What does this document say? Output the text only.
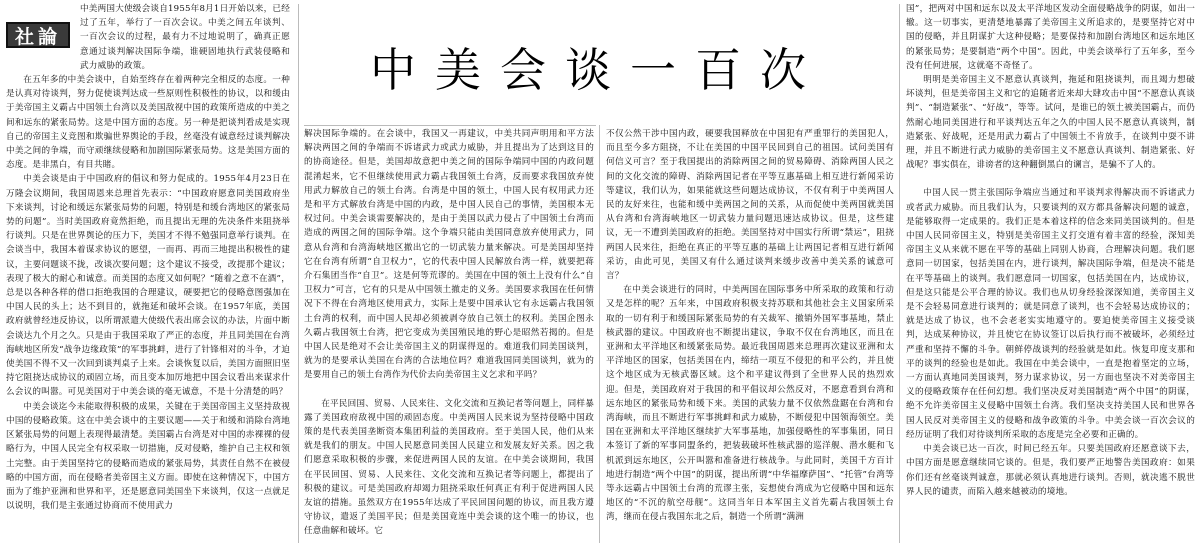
社論

中美两国大使级会谈自1955年8月1日开始以来，已经过了五年，举行了一百次会议。中美之间五年谈判、一百次会议的过程，最有力不过地说明了，确真正愿意通过谈判解决国际争端，谁硬固地执行武装侵略和武力威胁的政策。

在五年多的中美会谈中，自始至终存在着两种完全相反的态度。一种是认真对待谈判，努力促使谈判达成一些原则性积极性的协议，以和缓由于美帝国主义霸占中国领土台湾以及美国敌视中国的政策所造成的中美之间和远东的紧张局势。这是中国方面的态度。另一种是把谈判看成是实现自己的帝国主义竞图和欺骗世界舆论的手段，丝毫没有诚意经过谈判解决中美之间的争端，而守顽继续侵略和加剧国际紧张局势。这是美国方面的态度。是非黑白，有目共睹。

中美会谈是由于中国政府的倡议和努力促成的。1955年4月23日在万隆会议期间，我国周恩来总理首先表示：“中国政府愿意同美国政府坐下来谈判，讨论和缓远东紧张局势的问题，特别是和缓台湾地区的紧张局势的问题”。当时美国政府竟然拒绝，而且提出无理的先决条件来阻挠举行谈判。只是在世界舆论的压力下，美国才不得不勉强同意举行谈判。在会谈当中，我国本着谋求协议的愿望，一而再、再而三地提出积极性的建议，主要问题谈不拢，改谈次要问题；这个建议不接受，改提那个建议；表现了极大的耐心和诚意。而美国的态度又如何呢？“随着之意不在酒”，总是以各种各样的借口拒绝我国的合理建议，硬要把它的侵略意图强加在中国人民的头上；达不到目的，就拖延和破坏会谈。在1957年底，美国政府就曾经违反协议，以所谓派遣大使级代表出席会议的办法，片面中断会谈达九个月之久。只是由于我国采取了严正的态度，并且同美国在台湾海峡地区所发“战争边缘政策”的军事挑衅，进行了针锋相对的斗争，才迫使美国不得不又一次回到谈判桌子上来。会谈恢复以后，美国方面照旧坚持它阻挠达成协议的顽固立场，而且变本加厉地把中国会议看出来谋求什么会议的叫嚣。可见美国对于中美会谈的毫无诚意，不是十分清楚的吗？

中美会谈迄今未能取得积极的成果，关键在于美国帝国主义坚持敌视中国的侵略政策。这在中美会谈中的主要议题——关于和缓和消除台湾地区紧张局势的问题上表现得最清楚。美国霸占台湾是对中国的赤裸裸的侵略行为，中国人民完全有权采取一切措施，反对侵略，维护自己主权和领土完整。由于美国坚持它的侵略而造成的紧张局势，其责任自然不在被侵略的中国方面，而在侵略者美帝国主义方面。即使在这种情况下，中国方面为了维护亚洲和世界和平，还是愿意同美国坐下来谈判，仅这一点就足以说明，我们是主张通过协商而不使用武力

中美会谈一百次

解决国际争端的。在会谈中，我国又一再建议，中美共同声明用和平方法解决两国之间的争端而不诉诸武力或武力威胁，并且提出为了达到这目的的协商途径。但是，美国却故意把中美之间的国际争端同中国的内政问题混淆起来，它不但继续使用武力霸占我国领土台湾，反而要求我国放弃使用武力解放自己的领土台湾。台湾是中国的领土，中国人民有权用武力还是和平方式解放台湾是中国的内政，是中国人民自己的事情，美国根本无权过问。中美会谈需要解决的，是由于美国以武力侵占了中国领土台湾而造成的两国之间的国际争端。这个争端只能由美国同意放弃使用武力，同意从台湾和台湾海峡地区撤出它的一切武装力量来解决。可是美国却坚持它在台湾有所谓“自卫权力”，它的代表中国人民解放台湾一样，就要把蒋介石集团当作“自卫”。这是何等荒谬的。美国在中国的领土上没有什么“自卫权力”可言，它有的只是从中国领土撤走的义务。美国要求我国在任何情况下不得在台湾地区使用武力，实际上是要中国承认它有永远霸占我国领土台湾的权利，而中国人民却必须被剥夺放自己领土的权利。美国企图永久霸占我国领土台湾，把它变成为美国殖民地的野心是昭然若揭的。但是中国人民是绝对不会让美帝国主义的阴谋得逞的。难道我们同美国谈判，就为的是要承认美国在台湾的合法地位吗？难道我国同美国谈判，就为的是要用自己的领土台湾作为代价去向美帝国主义乞求和平吗？

在平民回国、贸易、人民来往、文化交流和互换记者等问题上，同样暴露了美国政府敌视中国的顽固态度。中美两国人民来说为坚持侵略中国政策的是代表美国垄断资本集团利益的美国政府。至于美国人民，他们从来就是我们的朋友。中国人民愿意同美国人民建立和发展友好关系。因之我们愿意采取积极的步骤，来促进两国人民的友谊。在中美会谈期间，我国在平民回国、贸易、人民来往、文化交流和互换记者等问题上，都提出了积极的建议。可是美国政府却竭力阻挠采取任何真正有利于促进两国人民友谊的措施。虽然双方在1955年达成了平民回国问题的协议，而且我方遵守协议，遣返了美国平民；但是美国竟连中美会谈的这个唯一的协议，也任意曲解和破坏。它

不仅公然干涉中国内政，硬要我国释放在中国犯有严重罪行的美国犯人，而且至今多方阻挠，不让在美国的中国平民回到自己的祖国。试问美国有何信义可言？至于我国提出的消除两国之间的贸易障碍、消除两国人民之间的文化交流的障碍、消除两国记者在平等互惠基础上相互进行新闻采访等建议，我们认为，如果能就这些问题达成协议，不仅有利于中美两国人民的友好来往，也能和缓中美两国之间的关系，从而促使中美两国就美国从台湾和台湾海峡地区一切武装力量问题迅速达成协议。但是，这些建议，无一不遭到美国政府的拒绝。美国坚持对中国实行所谓“禁运”，阻挠两国人民来往，拒绝在真正的平等互惠的基础上让两国记者相互进行新闻采访，由此可见，美国又有什么通过谈判来缓步改善中美关系的诚意可言？

在中美会谈进行的同时，中美两国在国际事务中所采取的政策和行动又是怎样的呢？五年来，中国政府积极支持苏联和其他社会主义国家所采取的一切有利于和缓国际紧张局势的有关裁军、撤销外国军事基地，禁止核武器的建议。中国政府也不断提出建议，争取不仅在台湾地区，而且在亚洲和太平洋地区和缓紧张局势。最近我国周恩来总理再次建议亚洲和太平洋地区的国家，包括美国在内，缔结一项互不侵犯的和平公约，并且使这个地区成为无核武器区域。这个和平建议得到了全世界人民的热烈欢迎。但是，美国政府对于我国的和平倡议却公然反对，不愿意看到台湾和远东地区的紧张局势和缓下来。美国的武装力量不仅依然盘踞在台湾和台湾海峡，而且不断进行军事挑衅和武力威胁，不断侵犯中国领海领空。美国在亚洲和太平洋地区继续扩大军事基地，加强侵略性的军事集团，同日本签订了新的军事同盟条约，把装载破坏性核武器的巡洋舰、潜水艇和飞机派到远东地区，公开叫嚣和准备进行核战争。与此同时，美国千方百计地进行制造“两个中国”的阴谋，提出所谓“中华福摩萨国”、“托管”台湾等等永远霸占中国领土台湾的荒谬主张，妄想使台湾成为它侵略中国和远东地区的“不沉的航空母舰”。这同当年日本军国主义首先霸占我国领土台湾，继而在侵占我国东北之后，制造一个所谓“满洲

国”，把两对中国和远东以及太平洋地区发动全面侵略战争的阴谋，如出一辙。这一切事实，更清楚地暴露了美帝国主义所追求的，是要坚持它对中国的侵略，并且阴谋扩大这种侵略；是要保持和加剧台湾地区和远东地区的紧张局势；是要制造“两个中国”。因此，中美会谈举行了五年多，至今没有任何进展，这就毫不奇怪了。

明明是美帝国主义不愿意认真谈判，拖延和阻挠谈判，而且竭力想破坏谈判，但是美帝国主义和它的追随者近来却大肆攻击中国“不愿意认真谈判”、“制造紧张”、“好战”，等等。试问，是谁已的领土被美国霸占，而仍然耐心地同美国进行和平谈判达五年之久的中国人民不愿意认真谈判，制造紧张、好战呢，还是用武力霸占了中国领土不肯放手，在谈判中耍不讲理，并且不断进行武力威胁的美帝国主义不愿意认真谈判、制造紧张、好战呢？事实俱在，诽谤者的这种翻倒黑白的谰言，是骗不了人的。

中国人民一贯主张国际争端应当通过和平谈判求得解决而不诉诸武力或者武力威胁。而且我们认为，只要谈判的双方都具备解决问题的诚意，是能够取得一定成果的。我们正是本着这样的信念来同美国谈判的。但是中国人民同帝国主义，特别是美帝国主义打交道有着丰富的经验，深知美帝国主义从来就不愿在平等的基础上同别人协商，合理解决问题。我们愿意同一切国家，包括美国在内，进行谈判，解决国际争端，但是决不能是在平等基础上的谈判。我们愿意同一切国家，包括美国在内，达成协议，但是这只能是公平合理的协议。我们也从切身经验深深知道，美帝国主义是不会轻易同意进行谈判的；就是同意了谈判，也不会轻易达成协议的；就是达成了协议，也不会老老实实地遵守的。要迫使美帝国主义接受谈判，达成某种协议，并且使它在协议签订以后执行而不被破坏，必须经过严重和坚持不懈的斗争。朝鲜停战谈判的经验就是如此。恢复印度支那和平的谈判的经验也是如此。我国在中美会谈中，一直是抱着坚定的立场，一方面认真地同美国谈判，努力谋求协议，另一方面也坚决不对美帝国主义的侵略政策存在任何幻想。我们坚决反对美国制造“两个中国”的阴谋，绝不允许美帝国主义侵略中国领土台湾。我们坚决支持美国人民和世界各国人民反对美帝国主义的侵略和战争政策的斗争。中美会谈一百次会议的经历证明了我们对待谈判所采取的态度是完全必要和正确的。

中美会谈已达一百次，时间已经五年。只要美国政府还愿意谈下去，中国方面是愿意继续同它谈的。但是，我们要严正地警告美国政府：如果你们还有丝毫谈判诚意，那就必须认真地进行谈判。否则，就决逃不脱世界人民的谴责，而陷入越来越被动的境地。
